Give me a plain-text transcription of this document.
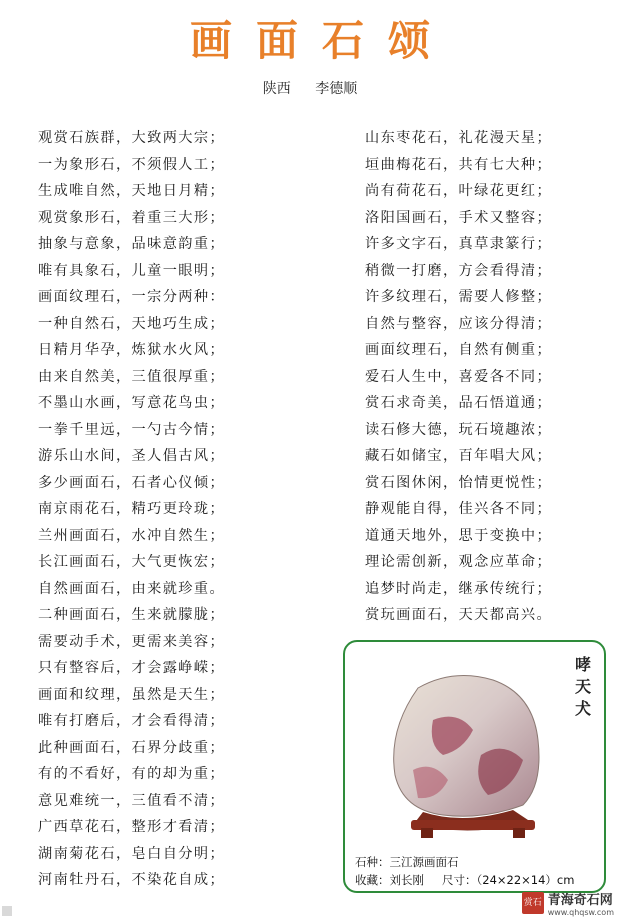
画面石颂
陕西 李德顺
观赏石族群，大致两大宗；
一为象形石，不须假人工；
生成唯自然，天地日月精；
观赏象形石，着重三大形；
抽象与意象，品味意韵重；
唯有具象石，儿童一眼明；
画面纹理石，一宗分两种：
一种自然石，天地巧生成；
日精月华孕，炼狱水火风；
由来自然美，三值很厚重；
不墨山水画，写意花鸟虫；
一拳千里远，一勺古今情；
游乐山水间，圣人倡古风；
多少画面石，石者心仪倾；
南京雨花石，精巧更玲珑；
兰州画面石，水冲自然生；
长江画面石，大气更恢宏；
自然画面石，由来就珍重。
二种画面石，生来就朦胧；
需要动手术，更需来美容；
只有整容后，才会露峥嵘；
画面和纹理，虽然是天生；
唯有打磨后，才会看得清；
此种画面石，石界分歧重；
有的不看好，有的却为重；
意见难统一，三值看不清；
广西草花石，整形才看清；
湖南菊花石，皂白自分明；
河南牡丹石，不染花自成；
山东枣花石，礼花漫天星；
垣曲梅花石，共有七大种；
尚有荷花石，叶绿花更红；
洛阳国画石，手术又整容；
许多文字石，真草隶篆行；
稍微一打磨，方会看得清；
许多纹理石，需要人修整；
自然与整容，应该分得清；
画面纹理石，自然有侧重；
爱石人生中，喜爱各不同；
赏石求奇美，品石悟道通；
读石修大德，玩石境趣浓；
藏石如储宝，百年唱大风；
赏石图休闲，怡情更悦性；
静观能自得，佳兴各不同；
道通天地外，思于变换中；
理论需创新，观念应革命；
追梦时尚走，继承传统行；
赏玩画面石，天天都高兴。
哮天犬
石种：三江源画面石
收藏：刘长刚 尺寸：（24×22×14）cm
赏石 青海奇石网
www.qhqsw.com
